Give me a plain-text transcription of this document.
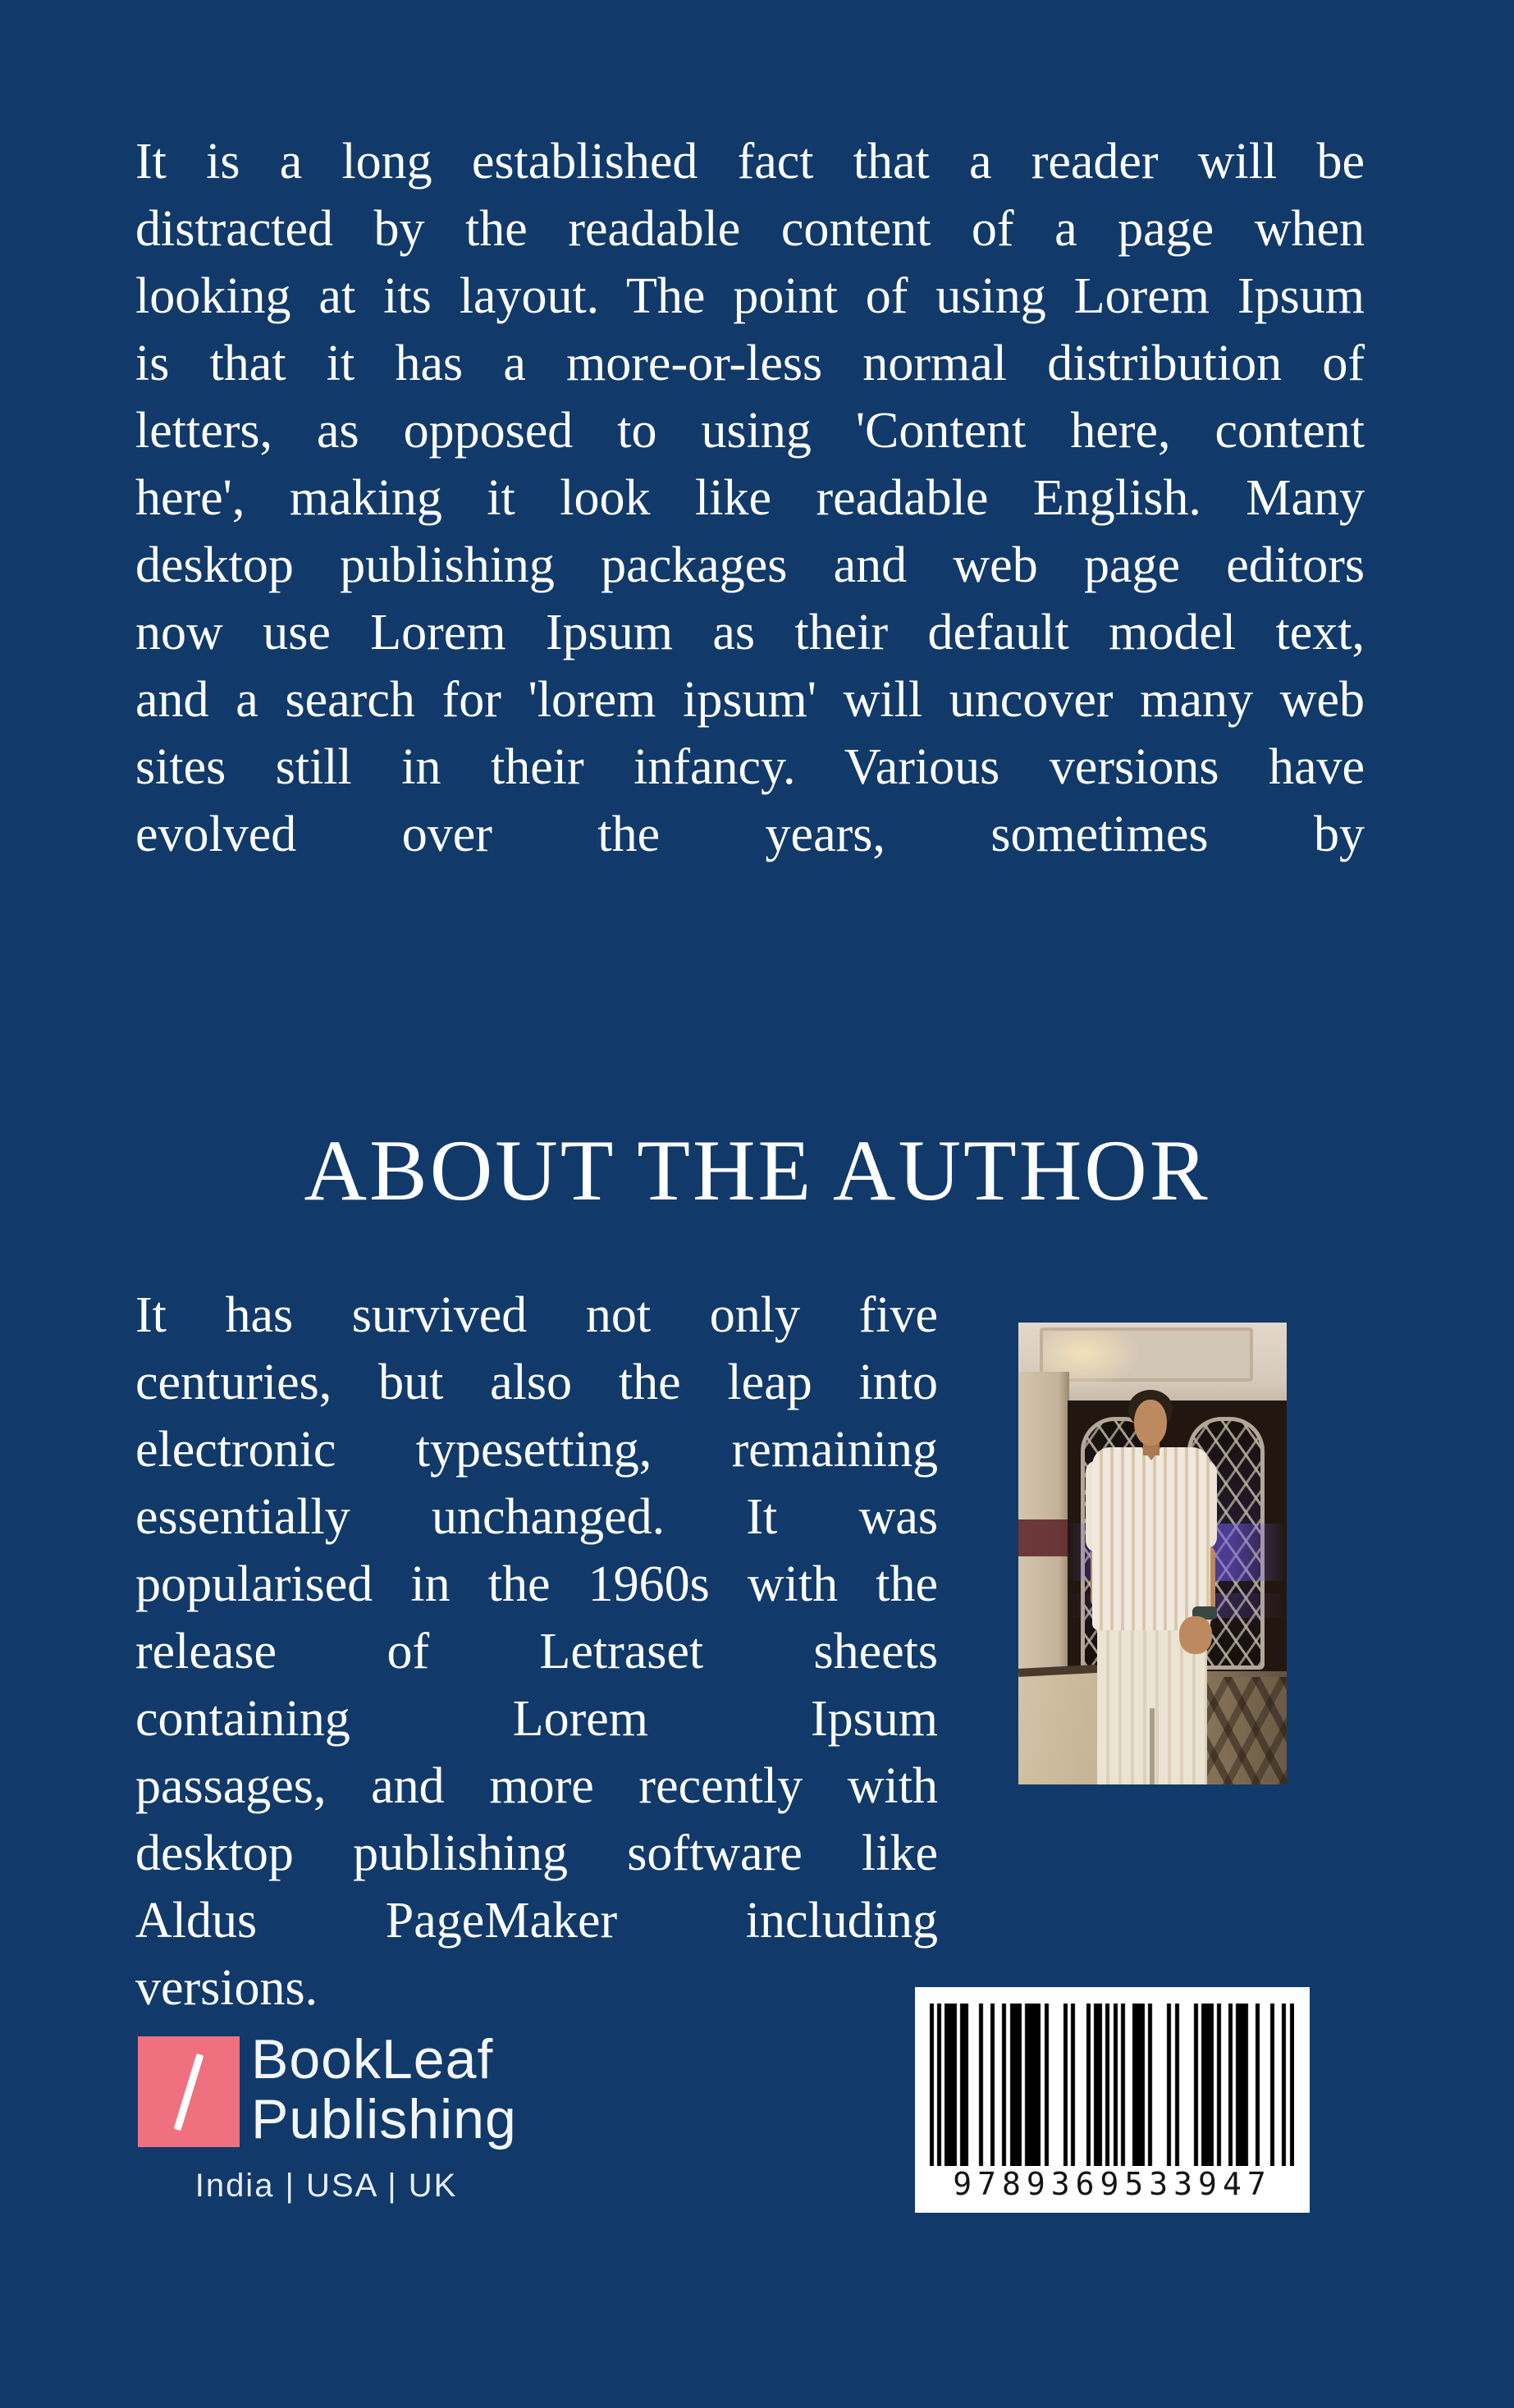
It is a long established fact that a reader will be
distracted by the readable content of a page when
looking at its layout. The point of using Lorem Ipsum
is that it has a more-or-less normal distribution of
letters, as opposed to using 'Content here, content
here', making it look like readable English. Many
desktop publishing packages and web page editors
now use Lorem Ipsum as their default model text,
and a search for 'lorem ipsum' will uncover many web
sites still in their infancy. Various versions have
evolved over the years, sometimes by
ABOUT THE AUTHOR
It has survived not only five
centuries, but also the leap into
electronic typesetting, remaining
essentially unchanged. It was
popularised in the 1960s with the
release of Letraset sheets
containing Lorem Ipsum
passages, and more recently with
desktop publishing software like
Aldus PageMaker including
versions.
BookLeaf
Publishing
India | USA | UK	9789369533947
